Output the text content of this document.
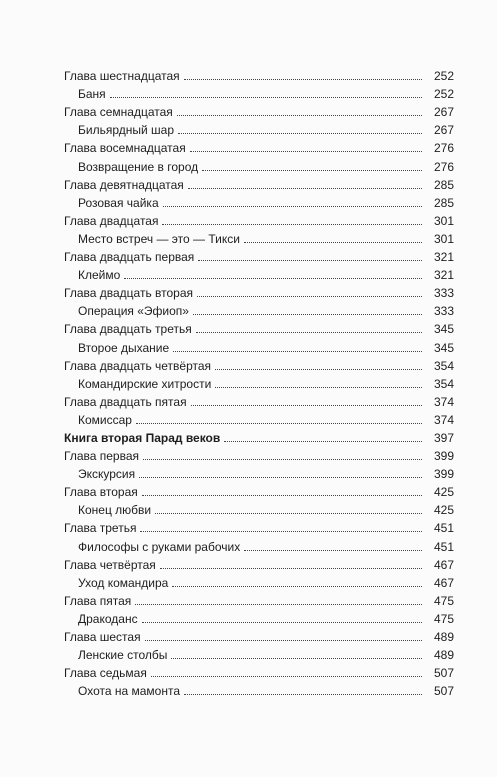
Глава шестнадцатая	252
Баня	252
Глава семнадцатая	267
Бильярдный шар	267
Глава восемнадцатая	276
Возвращение в город	276
Глава девятнадцатая	285
Розовая чайка	285
Глава двадцатая	301
Место встреч — это — Тикси	301
Глава двадцать первая	321
Клеймо	321
Глава двадцать вторая	333
Операция «Эфиоп»	333
Глава двадцать третья	345
Второе дыхание	345
Глава двадцать четвёртая	354
Командирские хитрости	354
Глава двадцать пятая	374
Комиссар	374
Книга вторая Парад веков	397
Глава первая	399
Экскурсия	399
Глава вторая	425
Конец любви	425
Глава третья	451
Философы с руками рабочих	451
Глава четвёртая	467
Уход командира	467
Глава пятая	475
Дракоданс	475
Глава шестая	489
Ленские столбы	489
Глава седьмая	507
Охота на мамонта	507
